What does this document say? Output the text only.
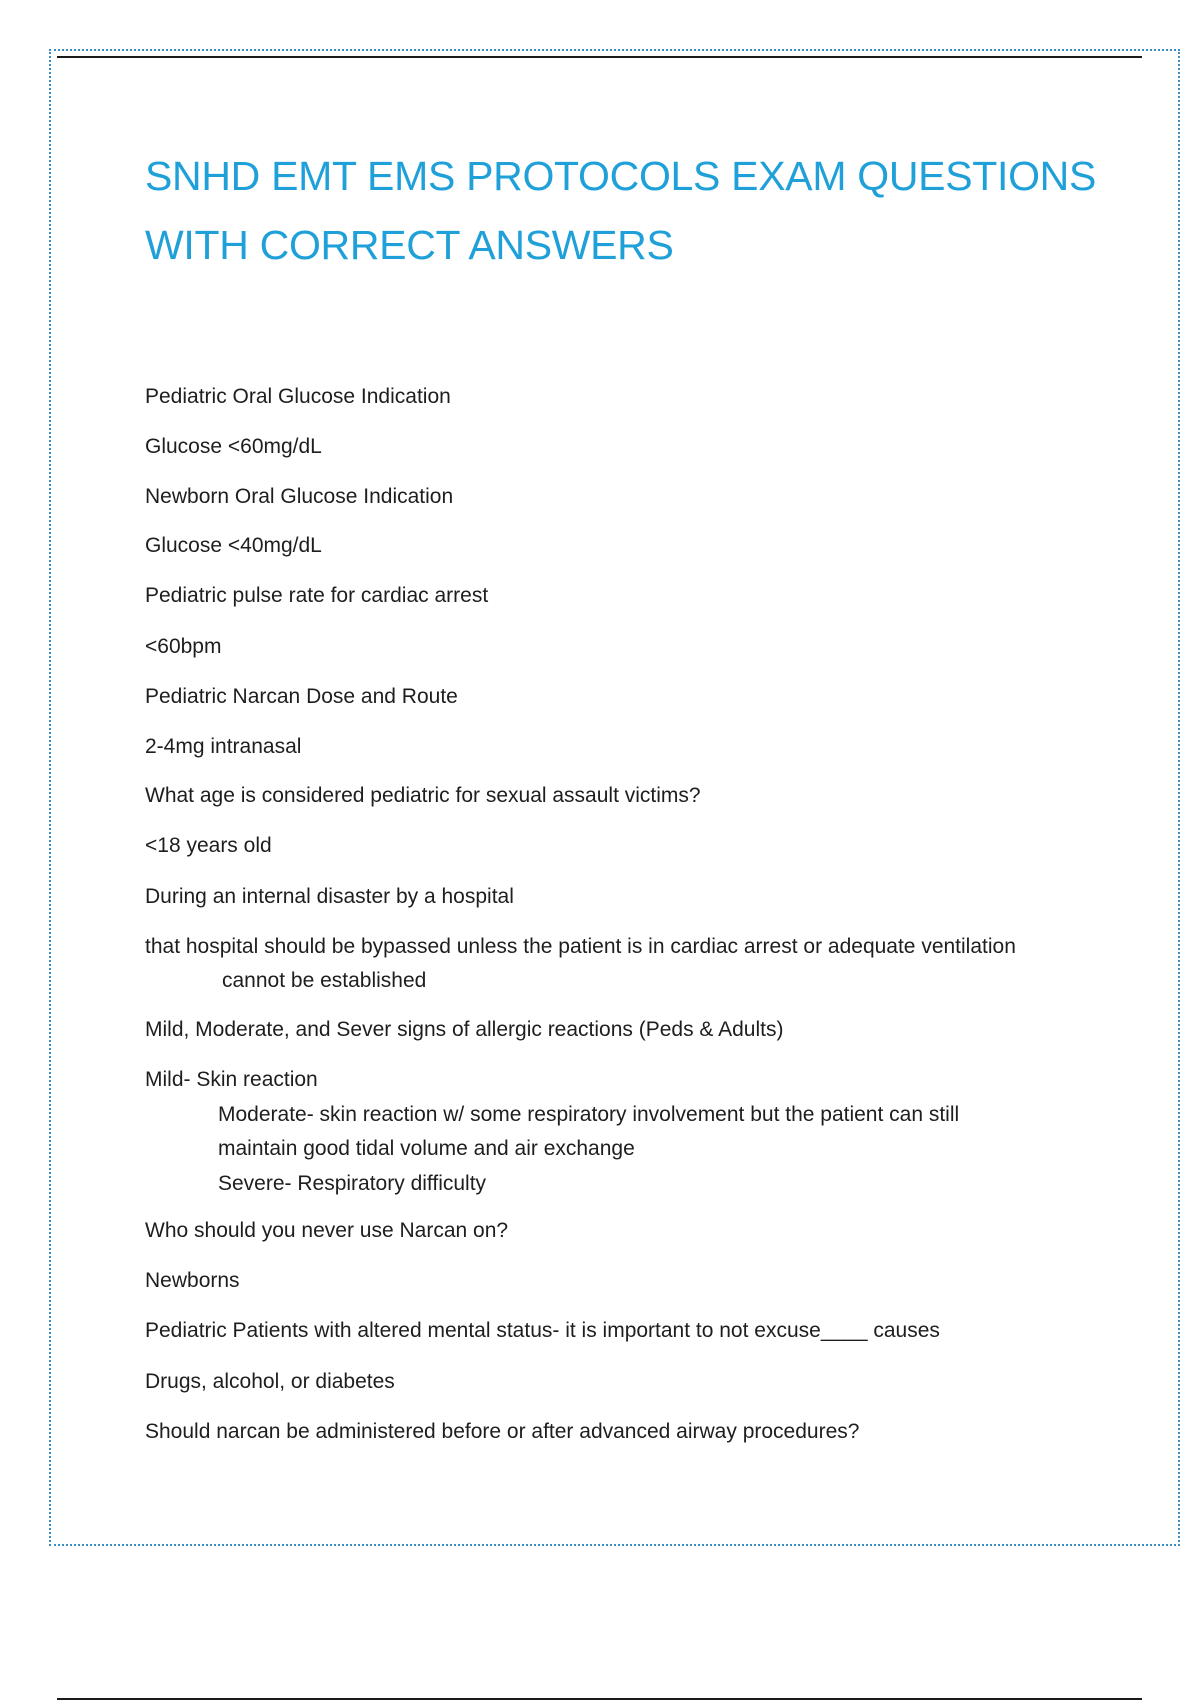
SNHD EMT EMS PROTOCOLS EXAM QUESTIONS
WITH CORRECT ANSWERS
Pediatric Oral Glucose Indication
Glucose <60mg/dL
Newborn Oral Glucose Indication
Glucose <40mg/dL
Pediatric pulse rate for cardiac arrest
<60bpm
Pediatric Narcan Dose and Route
2-4mg intranasal
What age is considered pediatric for sexual assault victims?
<18 years old
During an internal disaster by a hospital
that hospital should be bypassed unless the patient is in cardiac arrest or adequate ventilation
cannot be established
Mild, Moderate, and Sever signs of allergic reactions (Peds & Adults)
Mild- Skin reaction
Moderate- skin reaction w/ some respiratory involvement but the patient can still
maintain good tidal volume and air exchange
Severe- Respiratory difficulty
Who should you never use Narcan on?
Newborns
Pediatric Patients with altered mental status- it is important to not excuse____ causes
Drugs, alcohol, or diabetes
Should narcan be administered before or after advanced airway procedures?
